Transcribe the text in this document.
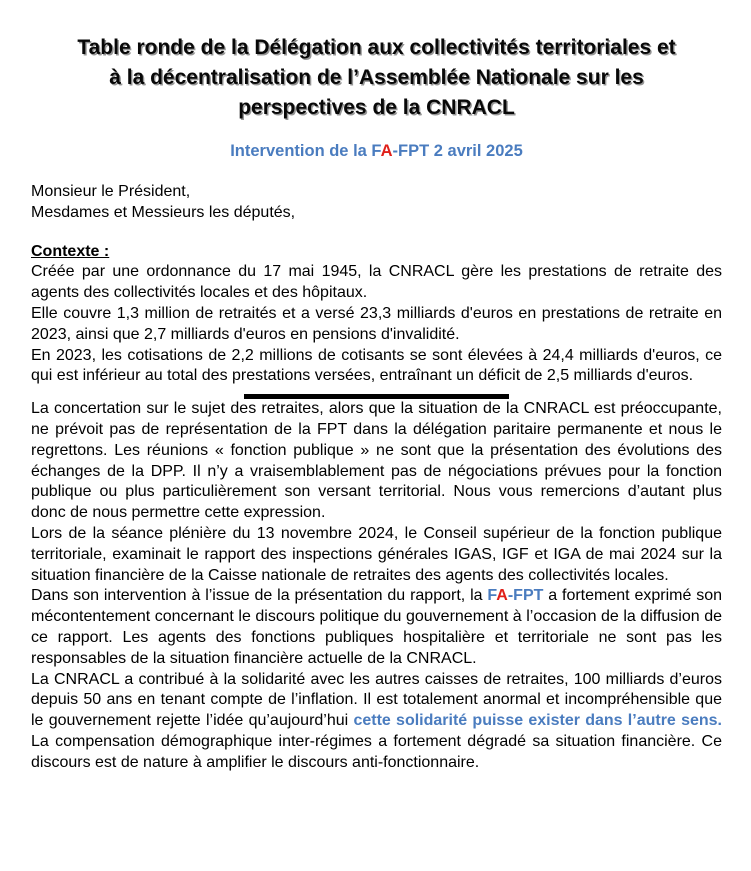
Table ronde de la Délégation aux collectivités territoriales et
à la décentralisation de l’Assemblée Nationale sur les
perspectives de la CNRACL

Intervention de la FA-FPT 2 avril 2025

Monsieur le Président,
Mesdames et Messieurs les députés,
Contexte :

Créée par une ordonnance du 17 mai 1945, la CNRACL gère les prestations de retraite des agents des collectivités locales et des hôpitaux.

Elle couvre 1,3 million de retraités et a versé 23,3 milliards d'euros en prestations de retraite en 2023, ainsi que 2,7 milliards d'euros en pensions d'invalidité.

En 2023, les cotisations de 2,2 millions de cotisants se sont élevées à 24,4 milliards d'euros, ce qui est inférieur au total des prestations versées, entraînant un déficit de 2,5 milliards d'euros.

La concertation sur le sujet des retraites, alors que la situation de la CNRACL est préoccupante, ne prévoit pas de représentation de la FPT dans la délégation paritaire permanente et nous le regrettons. Les réunions « fonction publique » ne sont que la présentation des évolutions des échanges de la DPP. Il n’y a vraisemblablement pas de négociations prévues pour la fonction publique ou plus particulièrement son versant territorial. Nous vous remercions d’autant plus donc de nous permettre cette expression.

Lors de la séance plénière du 13 novembre 2024, le Conseil supérieur de la fonction publique territoriale, examinait le rapport des inspections générales IGAS, IGF et IGA de mai 2024 sur la situation financière de la Caisse nationale de retraites des agents des collectivités locales.

Dans son intervention à l’issue de la présentation du rapport, la FA-FPT a fortement exprimé son mécontentement concernant le discours politique du gouvernement à l’occasion de la diffusion de ce rapport. Les agents des fonctions publiques hospitalière et territoriale ne sont pas les responsables de la situation financière actuelle de la CNRACL.

La CNRACL a contribué à la solidarité avec les autres caisses de retraites, 100 milliards d’euros depuis 50 ans en tenant compte de l’inflation. Il est totalement anormal et incompréhensible que le gouvernement rejette l’idée qu’aujourd’hui cette solidarité puisse exister dans l’autre sens. La compensation démographique inter-régimes a fortement dégradé sa situation financière. Ce discours est de nature à amplifier le discours anti-fonctionnaire.
